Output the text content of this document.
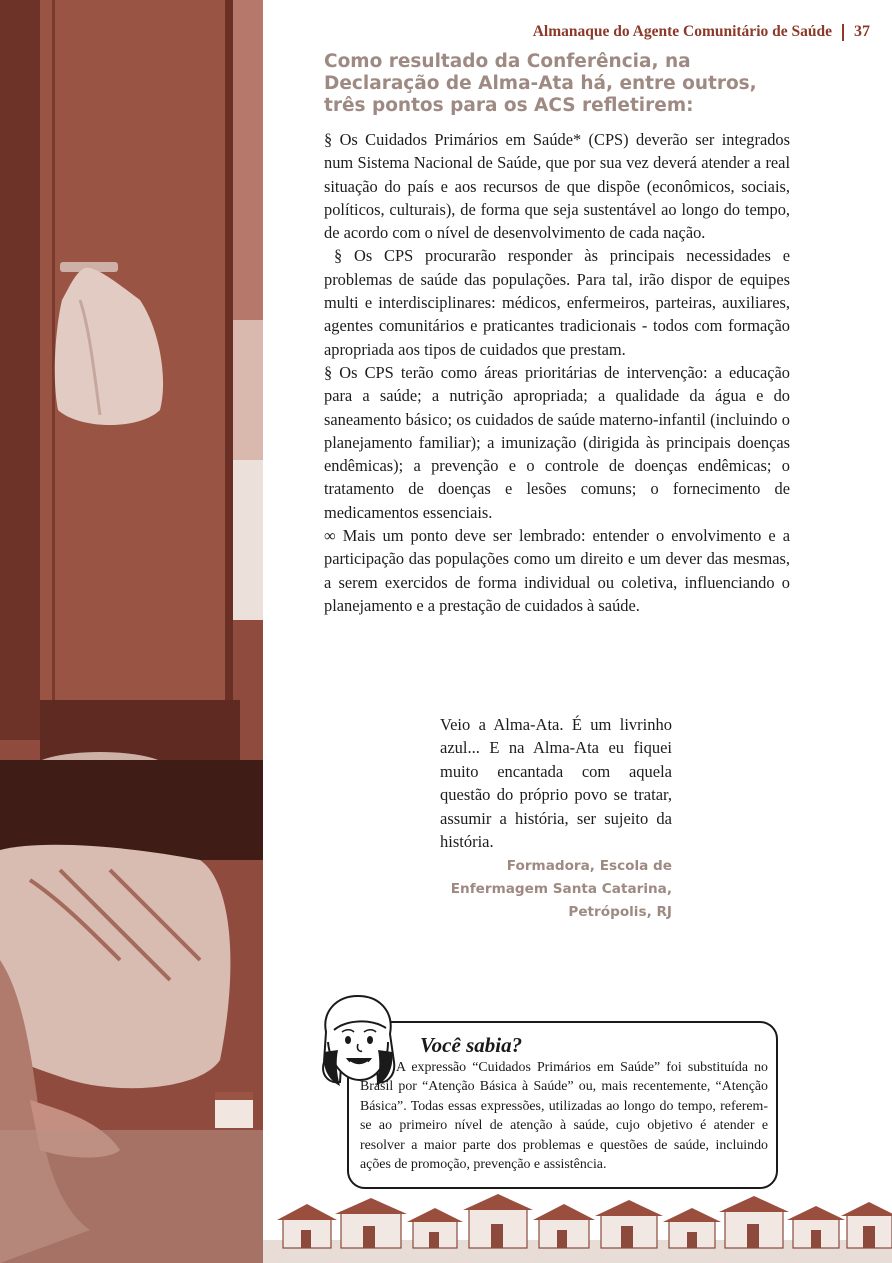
Almanaque do Agente Comunitário de Saúde 37
Como resultado da Conferência, na Declaração de Alma-Ata há, entre outros, três pontos para os ACS refletirem:

§ Os Cuidados Primários em Saúde* (CPS) deverão ser integrados num Sistema Nacional de Saúde, que por sua vez deverá atender a real situação do país e aos recursos de que dispõe (econômicos, sociais, políticos, culturais), de forma que seja sustentável ao longo do tempo, de acordo com o nível de desenvolvimento de cada nação.

§ Os CPS procurarão responder às principais necessidades e problemas de saúde das populações. Para tal, irão dispor de equipes multi e interdisciplinares: médicos, enfermeiros, parteiras, auxiliares, agentes comunitários e praticantes tradicionais - todos com formação apropriada aos tipos de cuidados que prestam.

§ Os CPS terão como áreas prioritárias de intervenção: a educação para a saúde; a nutrição apropriada; a qualidade da água e do saneamento básico; os cuidados de saúde materno-infantil (incluindo o planejamento familiar); a imunização (dirigida às principais doenças endêmicas); a prevenção e o controle de doenças endêmicas; o tratamento de doenças e lesões comuns; o fornecimento de medicamentos essenciais.

∞ Mais um ponto deve ser lembrado: entender o envolvimento e a participação das populações como um direito e um dever das mesmas, a serem exercidos de forma individual ou coletiva, influenciando o planejamento e a prestação de cuidados à saúde.

Veio a Alma-Ata. É um livrinho azul... E na Alma-Ata eu fiquei muito encantada com aquela questão do próprio povo se tratar, assumir a história, ser sujeito da história.

Formadora, Escola de
Enfermagem Santa Catarina,
Petrópolis, RJ
Você sabia?

A expressão “Cuidados Primários em Saúde” foi substituída no Brasil por “Atenção Básica à Saúde” ou, mais recentemente, “Atenção Básica”. Todas essas expressões, utilizadas ao longo do tempo, referem-se ao primeiro nível de atenção à saúde, cujo objetivo é atender e resolver a maior parte dos problemas e questões de saúde, incluindo ações de promoção, prevenção e assistência.
